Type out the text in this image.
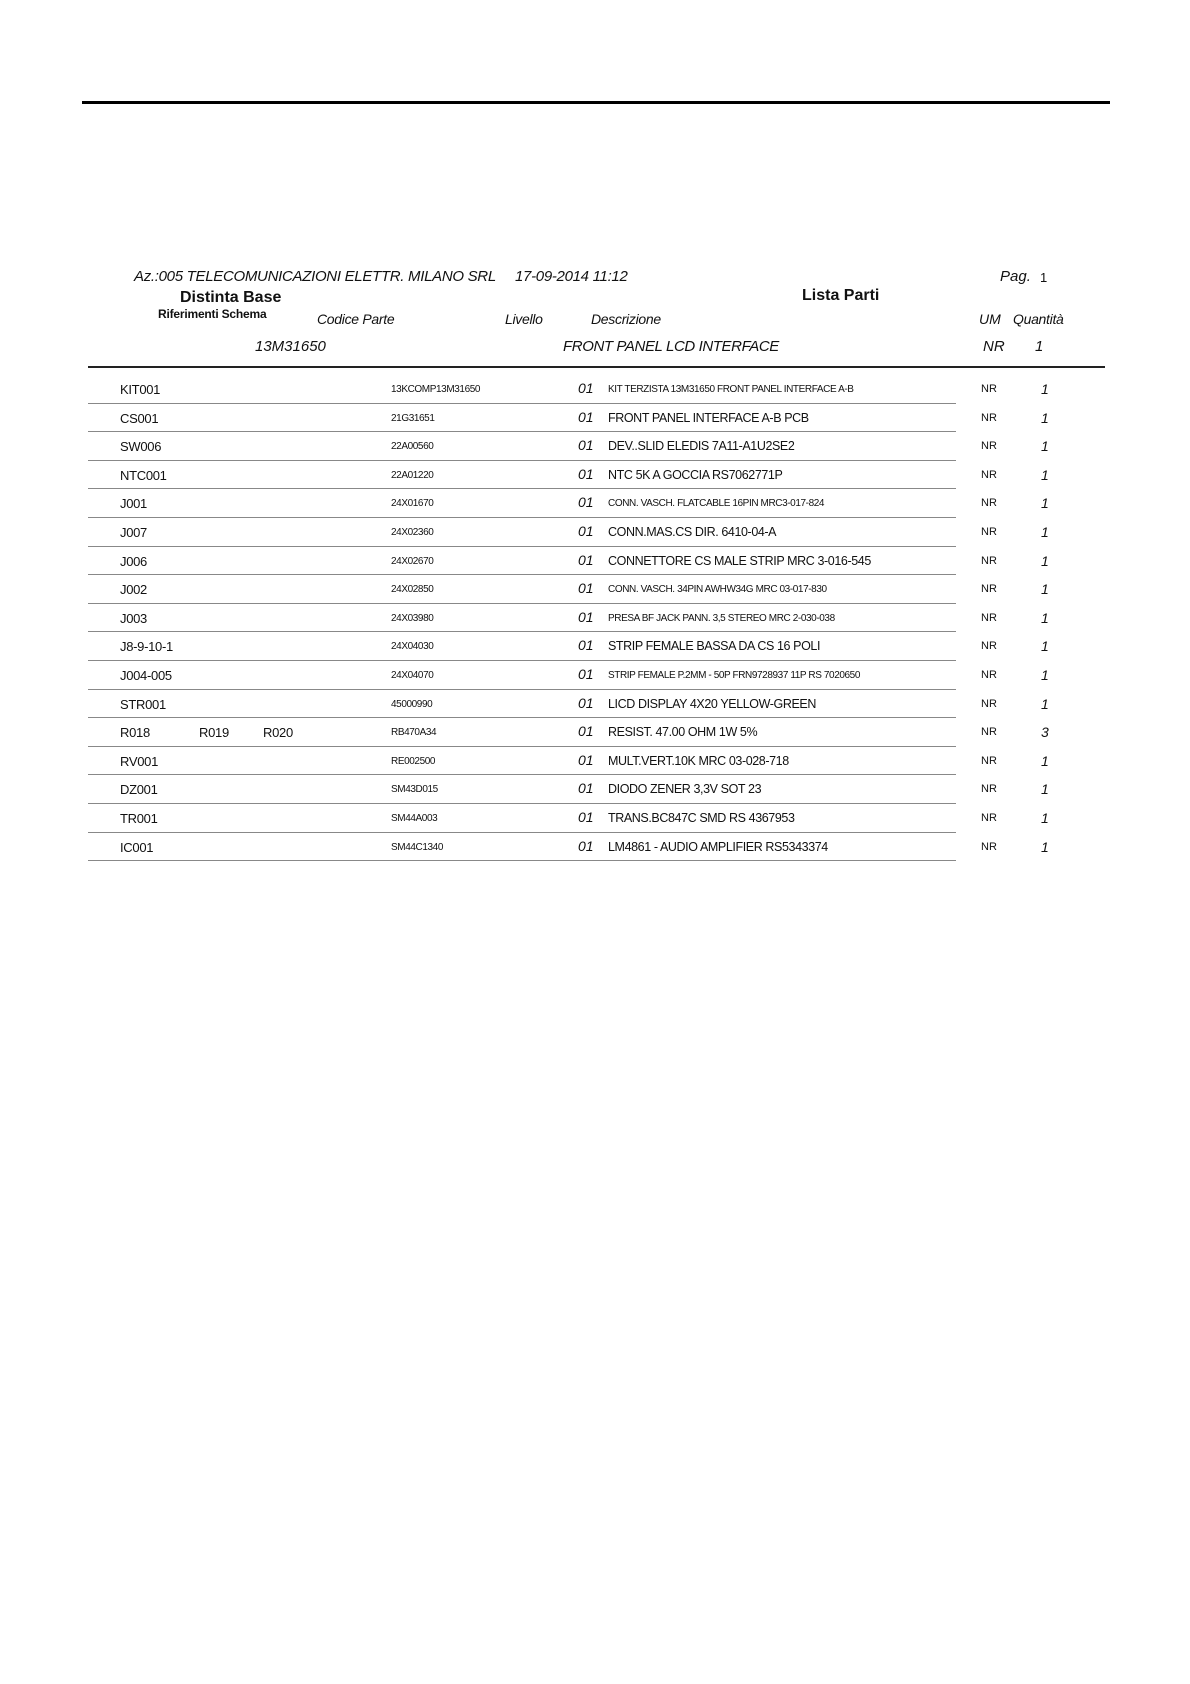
Az.:005 TELECOMUNICAZIONI ELETTR. MILANO SRL 17-09-2014 11:12	Pag. 1
Distinta Base	Lista Parti
Riferimenti Schema	Codice Parte	Livello	Descrizione	UM Quantità
13M31650	FRONT PANEL LCD INTERFACE	NR 1
KIT001	13KCOMP13M31650	01 KIT TERZISTA 13M31650 FRONT PANEL INTERFACE A-B	NR	1
CS001	21G31651	01 FRONT PANEL INTERFACE A-B PCB	NR	1
SW006	22A00560	01 DEV..SLID ELEDIS 7A11-A1U2SE2	NR	1
NTC001	22A01220	01 NTC 5K A GOCCIA RS7062771P	NR	1
J001	24X01670	01 CONN. VASCH. FLATCABLE 16PIN MRC3-017-824	NR	1
J007	24X02360	01 CONN.MAS.CS DIR. 6410-04-A	NR	1
J006	24X02670	01 CONNETTORE CS MALE STRIP MRC 3-016-545	NR	1
J002	24X02850	01 CONN. VASCH. 34PIN AWHW34G MRC 03-017-830	NR	1
J003	24X03980	01 PRESA BF JACK PANN. 3,5 STEREO MRC 2-030-038	NR	1
J8-9-10-1	24X04030	01 STRIP FEMALE BASSA DA CS 16 POLI	NR	1
J004-005	24X04070	01 STRIP FEMALE P.2MM - 50P FRN9728937 11P RS 7020650	NR	1
STR001	45000990	01 LICD DISPLAY 4X20 YELLOW-GREEN	NR	1
R018	R019	R020	RB470A34	01 RESIST. 47.00 OHM 1W 5%	NR	3
RV001	RE002500	01 MULT.VERT.10K MRC 03-028-718	NR	1
DZ001	SM43D015	01 DIODO ZENER 3,3V SOT 23	NR	1
TR001	SM44A003	01 TRANS.BC847C SMD RS 4367953	NR	1
IC001	SM44C1340	01 LM4861 - AUDIO AMPLIFIER RS5343374	NR	1
